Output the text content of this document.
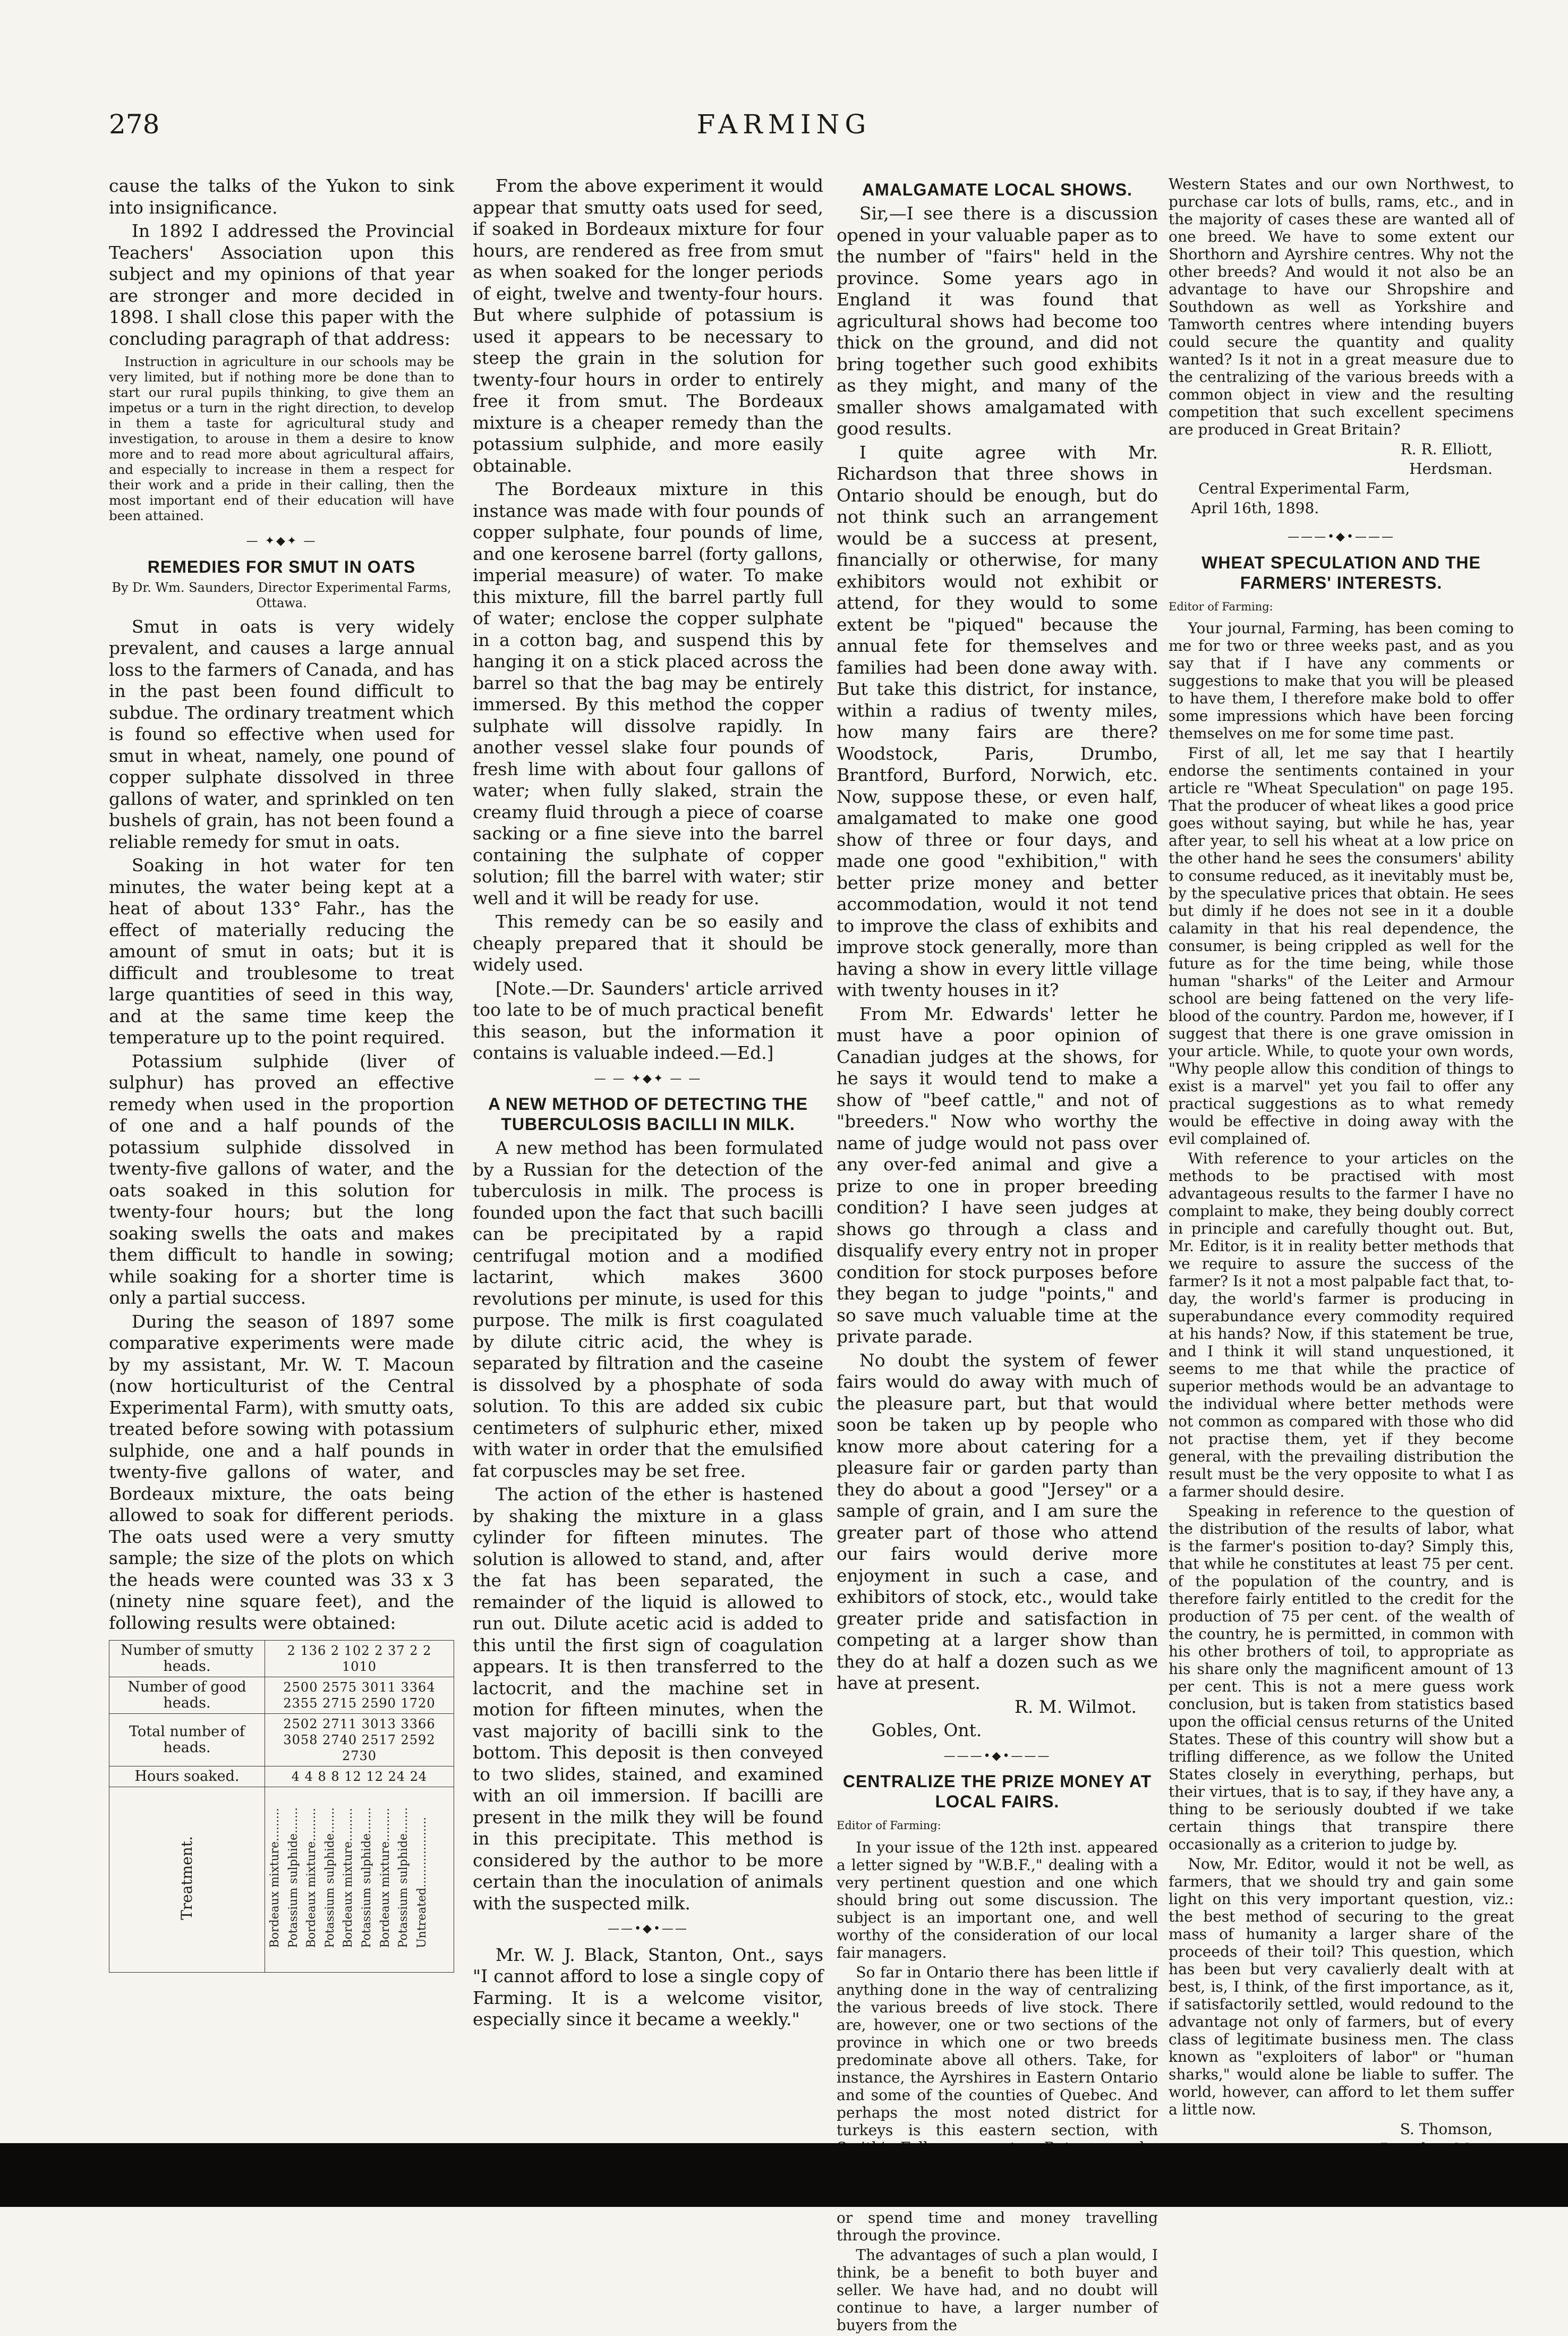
278	FARMING

cause the talks of the Yukon to sink into insignificance.

In 1892 I addressed the Provincial Teachers' Association upon this subject and my opinions of that year are stronger and more decided in 1898. I shall close this paper with the concluding paragraph of that address:

Instruction in agriculture in our schools may be very limited, but if nothing more be done than to start our rural pupils thinking, to give them an impetus or a turn in the right direction, to develop in them a taste for agricultural study and investigation, to arouse in them a desire to know more and to read more about agricultural affairs, and especially to increase in them a respect for their work and a pride in their calling, then the most important end of their education will have been attained.

— ✦◆✦ —
REMEDIES FOR SMUT IN OATS

By Dr. Wm. Saunders, Director Experimental Farms, Ottawa.

Smut in oats is very widely prevalent, and causes a large annual loss to the farmers of Canada, and has in the past been found difficult to subdue. The ordinary treatment which is found so effective when used for smut in wheat, namely, one pound of copper sulphate dissolved in three gallons of water, and sprinkled on ten bushels of grain, has not been found a reliable remedy for smut in oats.

Soaking in hot water for ten minutes, the water being kept at a heat of about 133° Fahr., has the effect of materially reducing the amount of smut in oats; but it is difficult and troublesome to treat large quantities of seed in this way, and at the same time keep the temperature up to the point required.

Potassium sulphide (liver of sulphur) has proved an effective remedy when used in the proportion of one and a half pounds of the potassium sulphide dissolved in twenty-five gallons of water, and the oats soaked in this solution for twenty-four hours; but the long soaking swells the oats and makes them difficult to handle in sowing; while soaking for a shorter time is only a partial success.

During the season of 1897 some comparative experiments were made by my assistant, Mr. W. T. Macoun (now horticulturist of the Central Experimental Farm), with smutty oats, treated before sowing with potassium sulphide, one and a half pounds in twenty-five gallons of water, and Bordeaux mixture, the oats being allowed to soak for different periods. The oats used were a very smutty sample; the size of the plots on which the heads were counted was 33 x 3 (ninety nine square feet), and the following results were obtained:

Number of smutty heads.	2 136 2 102 2 37 2 2 1010
Number of good heads.	2500 2575 3011 3364 2355 2715 2590 1720
Total number of heads.	2502 2711 3013 3366 3058 2740 2517 2592 2730
Hours soaked.	4 4 8 8 12 12 24 24
Treatment.	Bordeaux mixture......... Potassium sulphide....... Bordeaux mixture......... Potassium sulphide....... Bordeaux mixture......... Potassium sulphide....... Bordeaux mixture......... Potassium sulphide....... Untreated...................

From the above experiment it would appear that smutty oats used for seed, if soaked in Bordeaux mixture for four hours, are rendered as free from smut as when soaked for the longer periods of eight, twelve and twenty-four hours. But where sulphide of potassium is used it appears to be necessary to steep the grain in the solution for twenty-four hours in order to entirely free it from smut. The Bordeaux mixture is a cheaper remedy than the potassium sulphide, and more easily obtainable.

The Bordeaux mixture in this instance was made with four pounds of copper sulphate, four pounds of lime, and one kerosene barrel (forty gallons, imperial measure) of water. To make this mixture, fill the barrel partly full of water; enclose the copper sulphate in a cotton bag, and suspend this by hanging it on a stick placed across the barrel so that the bag may be entirely immersed. By this method the copper sulphate will dissolve rapidly. In another vessel slake four pounds of fresh lime with about four gallons of water; when fully slaked, strain the creamy fluid through a piece of coarse sacking or a fine sieve into the barrel containing the sulphate of copper solution; fill the barrel with water; stir well and it will be ready for use.

This remedy can be so easily and cheaply prepared that it should be widely used.

[Note.—Dr. Saunders' article arrived too late to be of much practical benefit this season, but the information it contains is valuable indeed.—Ed.]

— — ✦◆✦ — —
A NEW METHOD OF DETECTING THE TUBERCULOSIS BACILLI IN MILK.

A new method has been formulated by a Russian for the detection of the tuberculosis in milk. The process is founded upon the fact that such bacilli can be precipitated by a rapid centrifugal motion and a modified lactarint, which makes 3600 revolutions per minute, is used for this purpose. The milk is first coagulated by dilute citric acid, the whey is separated by filtration and the caseine is dissolved by a phosphate of soda solution. To this are added six cubic centimeters of sulphuric ether, mixed with water in order that the emulsified fat corpuscles may be set free.

The action of the ether is hastened by shaking the mixture in a glass cylinder for fifteen minutes. The solution is allowed to stand, and, after the fat has been separated, the remainder of the liquid is allowed to run out. Dilute acetic acid is added to this until the first sign of coagulation appears. It is then transferred to the lactocrit, and the machine set in motion for fifteen minutes, when the vast majority of bacilli sink to the bottom. This deposit is then conveyed to two slides, stained, and examined with an oil immersion. If bacilli are present in the milk they will be found in this precipitate. This method is considered by the author to be more certain than the inoculation of animals with the suspected milk.

——•◆•——

Mr. W. J. Black, Stanton, Ont., says "I cannot afford to lose a single copy of Farming. It is a welcome visitor, especially since it became a weekly."

AMALGAMATE LOCAL SHOWS.

Sir,—I see there is a discussion opened in your valuable paper as to the number of "fairs" held in the province. Some years ago in England it was found that agricultural shows had become too thick on the ground, and did not bring together such good exhibits as they might, and many of the smaller shows amalgamated with good results.

I quite agree with Mr. Richardson that three shows in Ontario should be enough, but do not think such an arrangement would be a success at present, financially or otherwise, for many exhibitors would not exhibit or attend, for they would to some extent be "piqued" because the annual fete for themselves and families had been done away with. But take this district, for instance, within a radius of twenty miles, how many fairs are there? Woodstock, Paris, Drumbo, Brantford, Burford, Norwich, etc. Now, suppose these, or even half, amalgamated to make one good show of three or four days, and made one good "exhibition," with better prize money and better accommodation, would it not tend to improve the class of exhibits and improve stock generally, more than having a show in every little village with twenty houses in it?

From Mr. Edwards' letter he must have a poor opinion of Canadian judges at the shows, for he says it would tend to make a show of "beef cattle," and not of "breeders." Now who worthy the name of judge would not pass over any over-fed animal and give a prize to one in proper breeding condition? I have seen judges at shows go through a class and disqualify every entry not in proper condition for stock purposes before they began to judge "points," and so save much valuable time at the private parade.

No doubt the system of fewer fairs would do away with much of the pleasure part, but that would soon be taken up by people who know more about catering for a pleasure fair or garden party than they do about a good "Jersey" or a sample of grain, and I am sure the greater part of those who attend our fairs would derive more enjoyment in such a case, and exhibitors of stock, etc., would take greater pride and satisfaction in competing at a larger show than they do at half a dozen such as we have at present.

R. M. Wilmot.

Gobles, Ont.

———•◆•———
CENTRALIZE THE PRIZE MONEY AT LOCAL FAIRS.

Editor of Farming:

In your issue of the 12th inst. appeared a letter signed by "W.B.F.," dealing with a very pertinent question and one which should bring out some discussion. The subject is an important one, and well worthy of the consideration of our local fair managers.

So far in Ontario there has been little if anything done in the way of centralizing the various breeds of live stock. There are, however, one or two sections of the province in which one or two breeds predominate above all others. Take, for instance, the Ayrshires in Eastern Ontario and some of the counties of Quebec. And perhaps the most noted district for turkeys is this eastern section, with or spend time and money travelling through the province.

The advantages of such a plan would, I think, be a benefit to both buyer and seller. We have had, and no doubt will continue to have, a larger number of buyers from the

Western States and our own Northwest, to purchase car lots of bulls, rams, etc., and in the majority of cases these are wanted all of one breed. We have to some extent our Shorthorn and Ayrshire centres. Why not the other breeds? And would it not also be an advantage to have our Shropshire and Southdown as well as Yorkshire and Tamworth centres where intending buyers could secure the quantity and quality wanted? Is it not in a great measure due to the centralizing of the various breeds with a common object in view and the resulting competition that such excellent specimens are produced in Great Britain?

R. R. Elliott,

Herdsman.

Central Experimental Farm,

April 16th, 1898.

———•◆•———
WHEAT SPECULATION AND THE FARMERS' INTERESTS.

Editor of Farming:

Your journal, Farming, has been coming to me for two or three weeks past, and as you say that if I have any comments or suggestions to make that you will be pleased to have them, I therefore make bold to offer some impressions which have been forcing themselves on me for some time past.

First of all, let me say that I heartily endorse the sentiments contained in your article re "Wheat Speculation" on page 195. That the producer of wheat likes a good price goes without saying, but while he has, year after year, to sell his wheat at a low price on the other hand he sees the consumers' ability to consume reduced, as it inevitably must be, by the speculative prices that obtain. He sees but dimly if he does not see in it a double calamity in that his real dependence, the consumer, is being crippled as well for the future as for the time being, while those human "sharks" of the Leiter and Armour school are being fattened on the very life-blood of the country. Pardon me, however, if I suggest that there is one grave omission in your article. While, to quote your own words, "Why people allow this condition of things to exist is a marvel" yet you fail to offer any practical suggestions as to what remedy would be effective in doing away with the evil complained of.

With reference to your articles on the methods to be practised with most advantageous results to the farmer I have no complaint to make, they being doubly correct in principle and carefully thought out. But, Mr. Editor, is it in reality better methods that we require to assure the success of the farmer? Is it not a most palpable fact that, to-day, the world's farmer is producing in superabundance every commodity required at his hands? Now, if this statement be true, and I think it will stand unquestioned, it seems to me that while the practice of superior methods would be an advantage to the individual where better methods were not common as compared with those who did not practise them, yet if they become general, with the prevailing distribution the result must be the very opposite to what I as a farmer should desire.

Speaking in reference to the question of the distribution of the results of labor, what is the farmer's position to-day? Simply this, that while he constitutes at least 75 per cent. of the population of the country, and is therefore fairly entitled to the credit for the production of 75 per cent. of the wealth of the country, he is permitted, in common with his other brothers of toil, to appropriate as his share only the magnificent amount of 13 per cent. This is not a mere guess work conclusion, but is taken from statistics based upon the official census returns of the United States. These of this country will show but a trifling difference, as we follow the United States closely in everything, perhaps, but their virtues, that is to say, if they have any, a thing to be seriously doubted if we take certain things that transpire there occasionally as a criterion to judge by.

Now, Mr. Editor, would it not be well, as farmers, that we should try and gain some light on this very important question, viz.: the best method of securing to the great mass of humanity a larger share of the proceeds of their toil? This question, which has been but very cavalierly dealt with at best, is, I think, of the first importance, as it, if satisfactorily settled, would redound to the advantage not only of farmers, but of every class of legitimate business men. The class known as "exploiters of labor" or "human sharks," would alone be liable to suffer. The world, however, can afford to let them suffer a little now.

S. Thomson,
